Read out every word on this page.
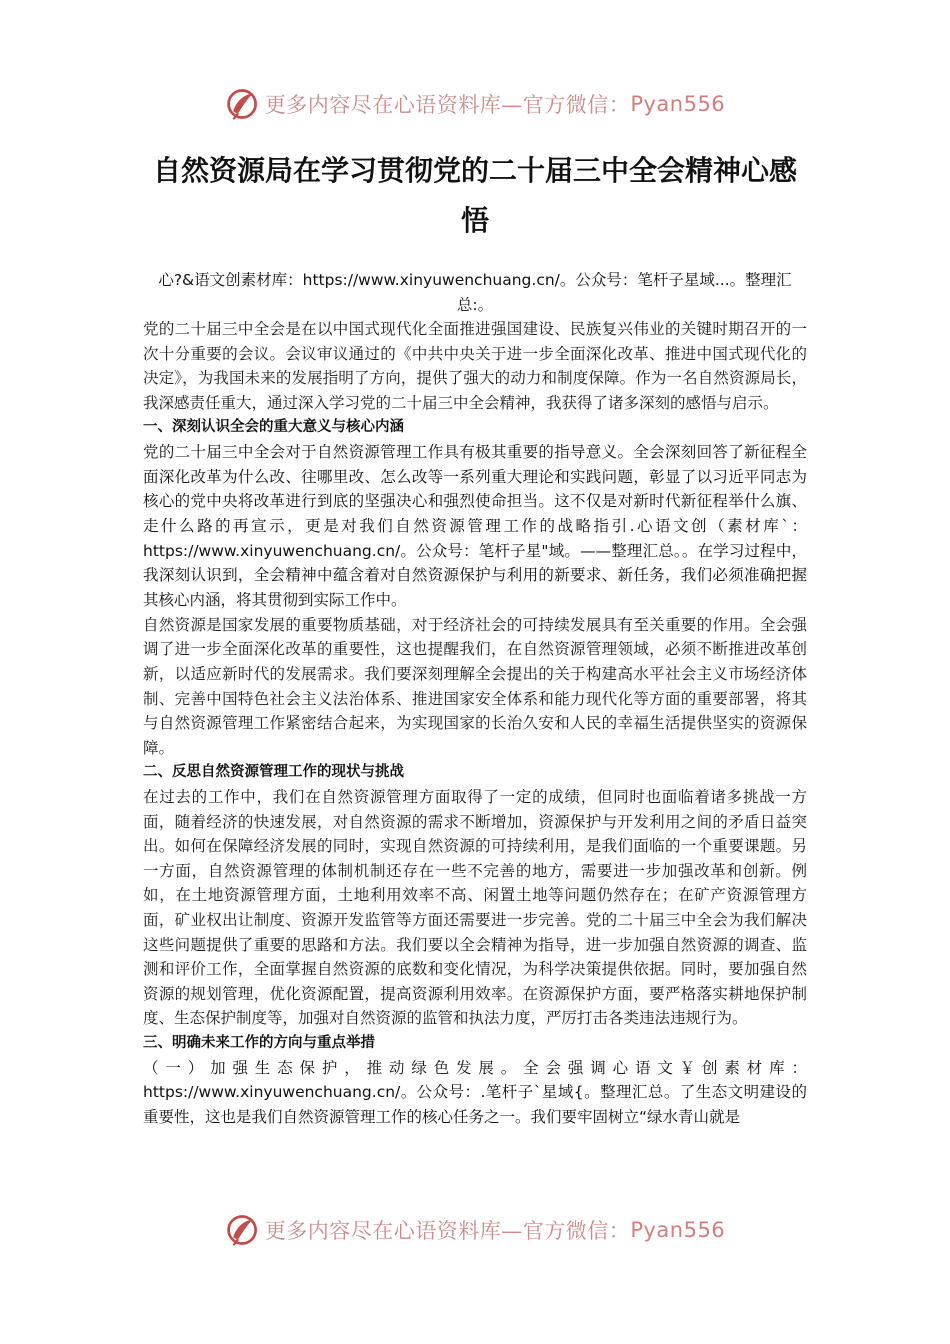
更多内容尽在心语资料库—官方微信： Pyan556
自然资源局在学习贯彻党的二十届三中全会精神心感悟

心?&语文创素材库：https://www.xinyuwenchuang.cn/。公众号：笔杆子星域...。整理汇总:。

党的二十届三中全会是在以中国式现代化全面推进强国建设、民族复兴伟业的关键时期召开的一次十分重要的会议。会议审议通过的《中共中央关于进一步全面深化改革、推进中国式现代化的决定》，为我国未来的发展指明了方向，提供了强大的动力和制度保障。作为一名自然资源局长，我深感责任重大，通过深入学习党的二十届三中全会精神，我获得了诸多深刻的感悟与启示。

一、深刻认识全会的重大意义与核心内涵

党的二十届三中全会对于自然资源管理工作具有极其重要的指导意义。全会深刻回答了新征程全面深化改革为什么改、往哪里改、怎么改等一系列重大理论和实践问题，彰显了以习近平同志为核心的党中央将改革进行到底的坚强决心和强烈使命担当。这不仅是对新时代新征程举什么旗、走什么路的再宣示，更是对我们自然资源管理工作的战略指引.心语文创（素材库`：https://www.xinyuwenchuang.cn/。公众号：笔杆子星"域。——整理汇总。。在学习过程中，我深刻认识到，全会精神中蕴含着对自然资源保护与利用的新要求、新任务，我们必须准确把握其核心内涵，将其贯彻到实际工作中。

自然资源是国家发展的重要物质基础，对于经济社会的可持续发展具有至关重要的作用。全会强调了进一步全面深化改革的重要性，这也提醒我们，在自然资源管理领域，必须不断推进改革创新，以适应新时代的发展需求。我们要深刻理解全会提出的关于构建高水平社会主义市场经济体制、完善中国特色社会主义法治体系、推进国家安全体系和能力现代化等方面的重要部署，将其与自然资源管理工作紧密结合起来，为实现国家的长治久安和人民的幸福生活提供坚实的资源保障。

二、反思自然资源管理工作的现状与挑战

在过去的工作中，我们在自然资源管理方面取得了一定的成绩，但同时也面临着诸多挑战一方面，随着经济的快速发展，对自然资源的需求不断增加，资源保护与开发利用之间的矛盾日益突出。如何在保障经济发展的同时，实现自然资源的可持续利用，是我们面临的一个重要课题。另一方面，自然资源管理的体制机制还存在一些不完善的地方，需要进一步加强改革和创新。例如，在土地资源管理方面，土地利用效率不高、闲置土地等问题仍然存在；在矿产资源管理方面，矿业权出让制度、资源开发监管等方面还需要进一步完善。党的二十届三中全会为我们解决这些问题提供了重要的思路和方法。我们要以全会精神为指导，进一步加强自然资源的调查、监测和评价工作，全面掌握自然资源的底数和变化情况，为科学决策提供依据。同时，要加强自然资源的规划管理，优化资源配置，提高资源利用效率。在资源保护方面，要严格落实耕地保护制度、生态保护制度等，加强对自然资源的监管和执法力度，严厉打击各类违法违规行为。

三、明确未来工作的方向与重点举措

（一）加强生态保护，推动绿色发展。全会强调心语文￥创素材库：https://www.xinyuwenchuang.cn/。公众号：.笔杆子`星域{。整理汇总。了生态文明建设的重要性，这也是我们自然资源管理工作的核心任务之一。我们要牢固树立“绿水青山就是

更多内容尽在心语资料库—官方微信： Pyan556
